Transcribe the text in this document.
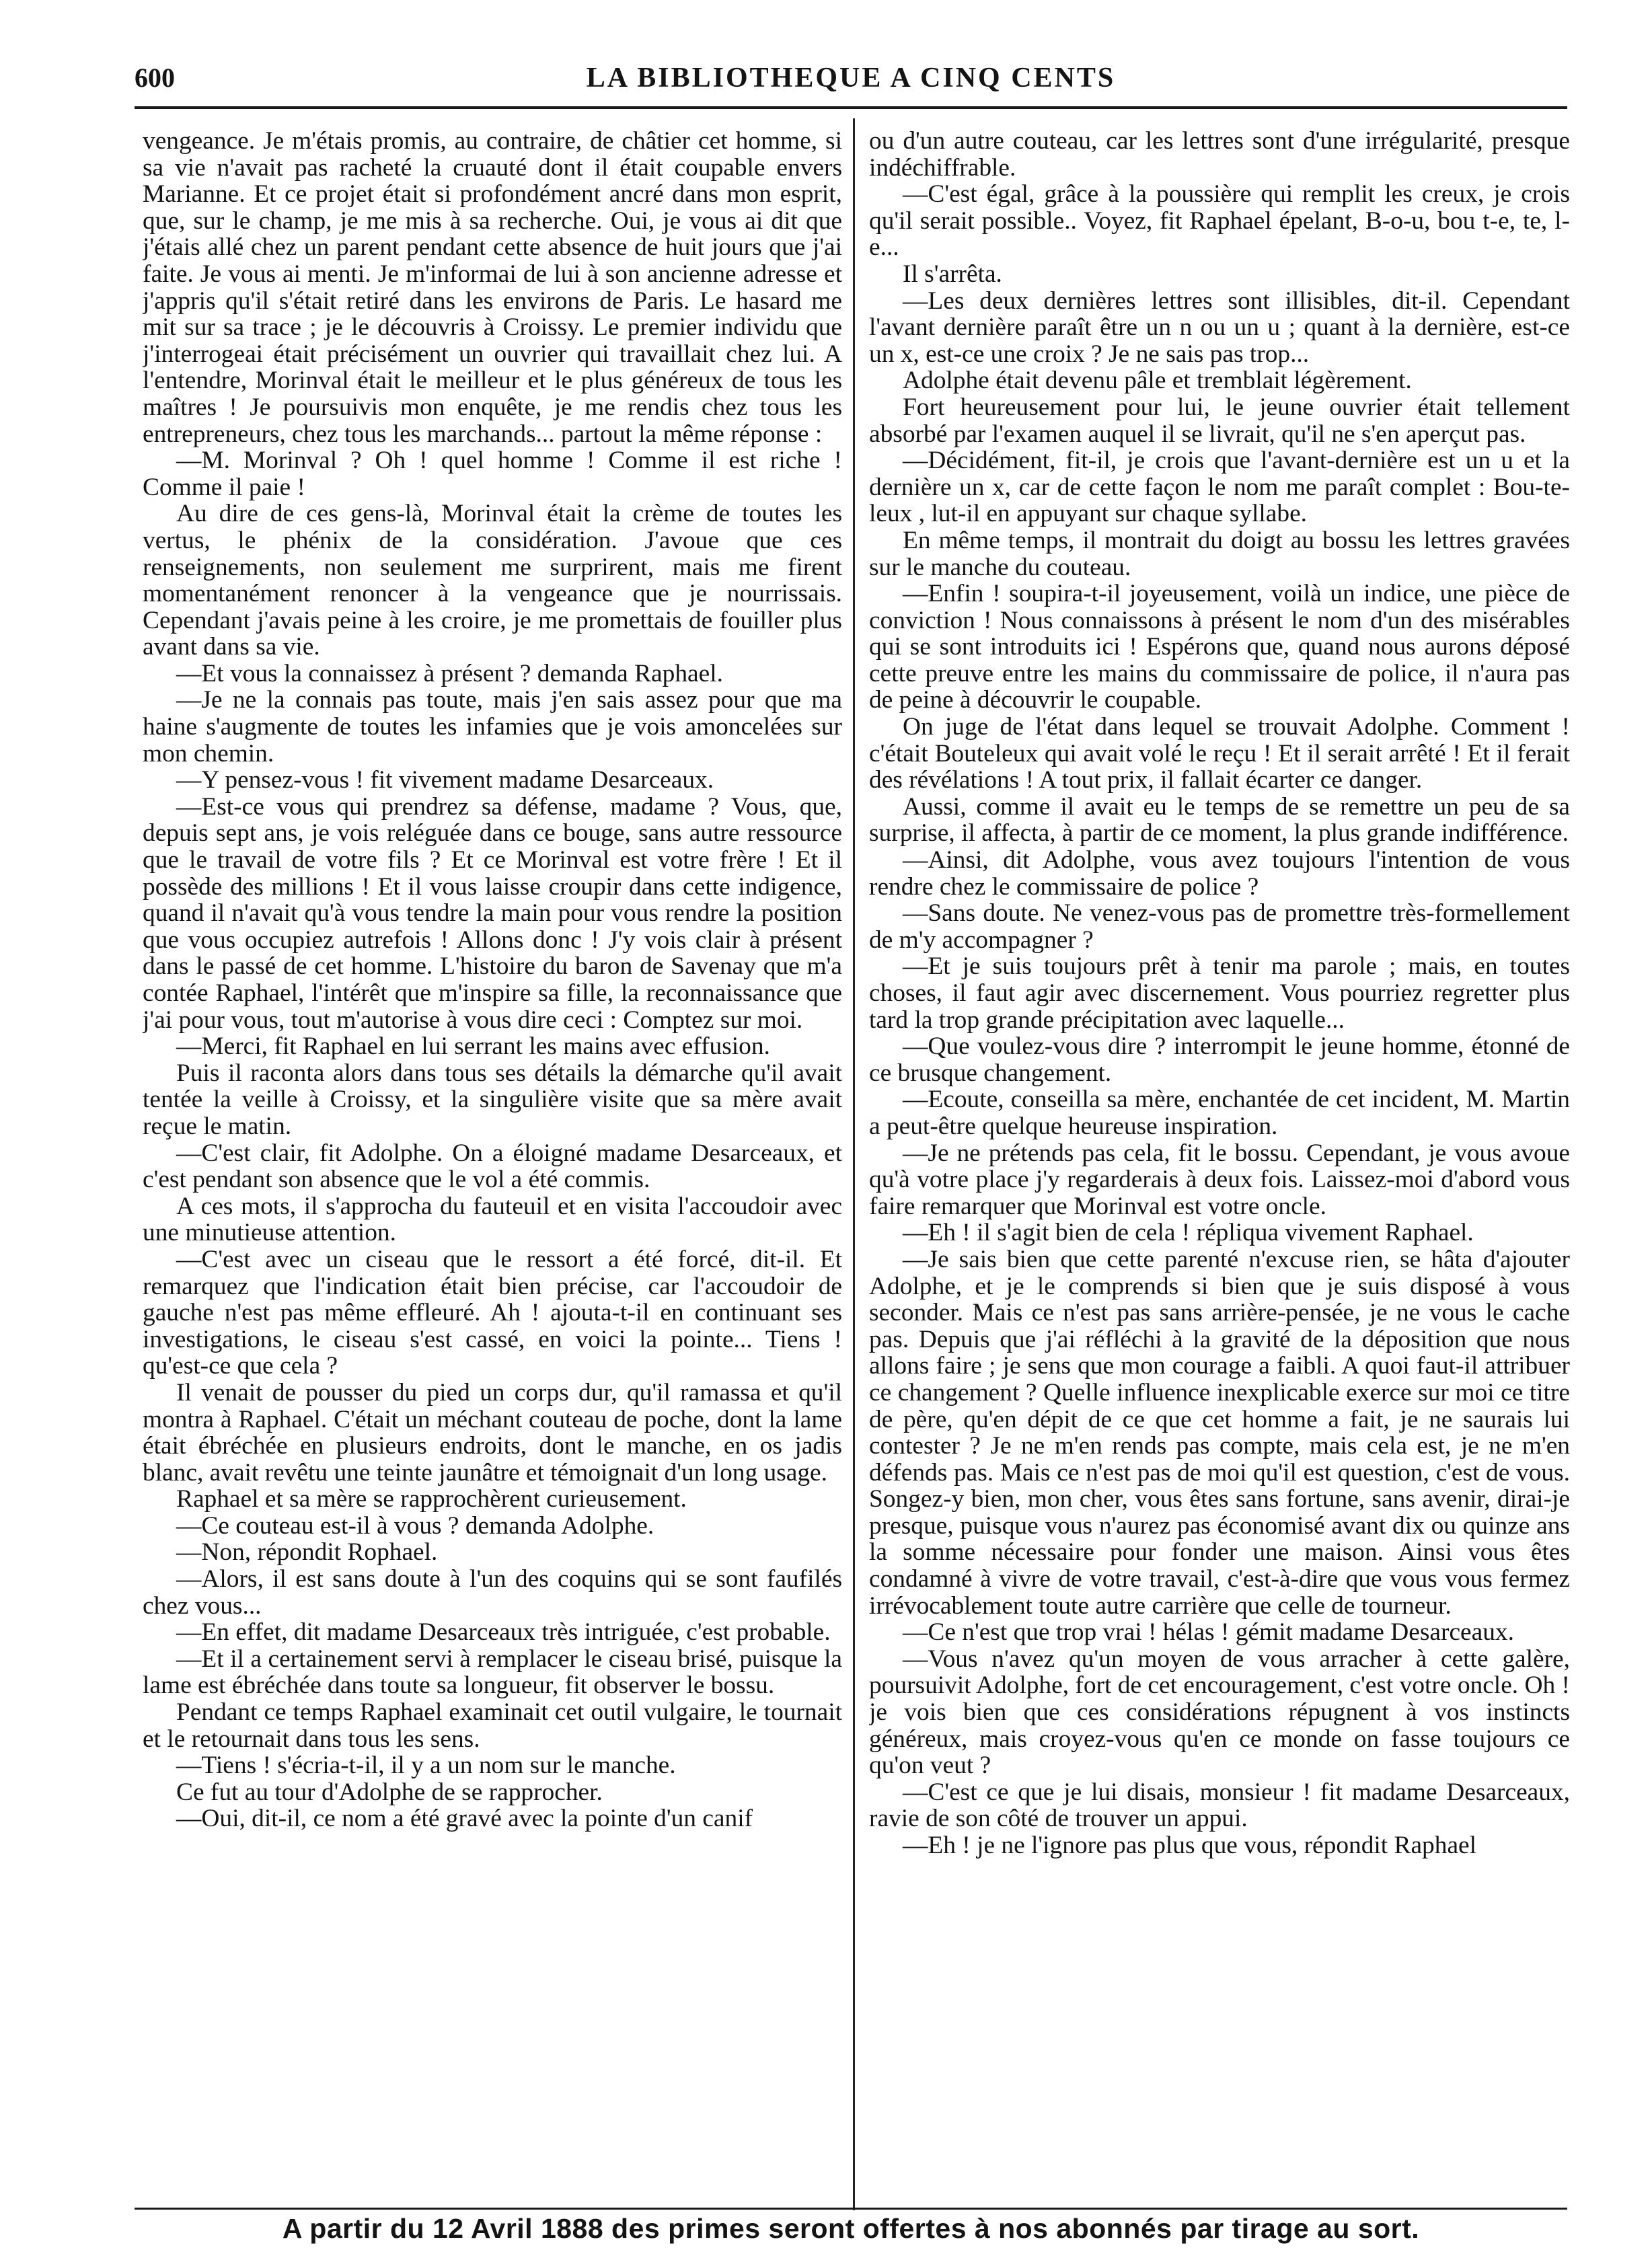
600	LA BIBLIOTHEQUE A CINQ CENTS

vengeance. Je m'étais promis, au contraire, de châtier cet homme, si sa vie n'avait pas racheté la cruauté dont il était coupable envers Marianne. Et ce projet était si profondément ancré dans mon esprit, que, sur le champ, je me mis à sa recherche. Oui, je vous ai dit que j'étais allé chez un parent pendant cette absence de huit jours que j'ai faite. Je vous ai menti. Je m'informai de lui à son ancienne adresse et j'appris qu'il s'était retiré dans les environs de Paris. Le hasard me mit sur sa trace ; je le découvris à Croissy. Le premier individu que j'interrogeai était précisément un ouvrier qui travaillait chez lui. A l'entendre, Morinval était le meilleur et le plus généreux de tous les maîtres ! Je poursuivis mon enquête, je me rendis chez tous les entrepreneurs, chez tous les marchands... partout la même réponse :

—M. Morinval ? Oh ! quel homme ! Comme il est riche ! Comme il paie !

Au dire de ces gens-là, Morinval était la crème de toutes les vertus, le phénix de la considération. J'avoue que ces renseignements, non seulement me surprirent, mais me firent momentanément renoncer à la vengeance que je nourrissais. Cependant j'avais peine à les croire, je me promettais de fouiller plus avant dans sa vie.

—Et vous la connaissez à présent ? demanda Raphael.

—Je ne la connais pas toute, mais j'en sais assez pour que ma haine s'augmente de toutes les infamies que je vois amoncelées sur mon chemin.

—Y pensez-vous ! fit vivement madame Desarceaux.

—Est-ce vous qui prendrez sa défense, madame ? Vous, que, depuis sept ans, je vois reléguée dans ce bouge, sans autre ressource que le travail de votre fils ? Et ce Morinval est votre frère ! Et il possède des millions ! Et il vous laisse croupir dans cette indigence, quand il n'avait qu'à vous tendre la main pour vous rendre la position que vous occupiez autrefois ! Allons donc ! J'y vois clair à présent dans le passé de cet homme. L'histoire du baron de Savenay que m'a contée Raphael, l'intérêt que m'inspire sa fille, la reconnaissance que j'ai pour vous, tout m'autorise à vous dire ceci : Comptez sur moi.

—Merci, fit Raphael en lui serrant les mains avec effusion.

Puis il raconta alors dans tous ses détails la démarche qu'il avait tentée la veille à Croissy, et la singulière visite que sa mère avait reçue le matin.

—C'est clair, fit Adolphe. On a éloigné madame Desarceaux, et c'est pendant son absence que le vol a été commis.

A ces mots, il s'approcha du fauteuil et en visita l'accoudoir avec une minutieuse attention.

—C'est avec un ciseau que le ressort a été forcé, dit-il. Et remarquez que l'indication était bien précise, car l'accoudoir de gauche n'est pas même effleuré. Ah ! ajouta-t-il en continuant ses investigations, le ciseau s'est cassé, en voici la pointe... Tiens ! qu'est-ce que cela ?

Il venait de pousser du pied un corps dur, qu'il ramassa et qu'il montra à Raphael. C'était un méchant couteau de poche, dont la lame était ébréchée en plusieurs endroits, dont le manche, en os jadis blanc, avait revêtu une teinte jaunâtre et témoignait d'un long usage.

Raphael et sa mère se rapprochèrent curieusement.

—Ce couteau est-il à vous ? demanda Adolphe.

—Non, répondit Rophael.

—Alors, il est sans doute à l'un des coquins qui se sont faufilés chez vous...

—En effet, dit madame Desarceaux très intriguée, c'est probable.

—Et il a certainement servi à remplacer le ciseau brisé, puisque la lame est ébréchée dans toute sa longueur, fit observer le bossu.

Pendant ce temps Raphael examinait cet outil vulgaire, le tournait et le retournait dans tous les sens.

—Tiens ! s'écria-t-il, il y a un nom sur le manche.

Ce fut au tour d'Adolphe de se rapprocher.

—Oui, dit-il, ce nom a été gravé avec la pointe d'un canif

ou d'un autre couteau, car les lettres sont d'une irrégularité, presque indéchiffrable.

—C'est égal, grâce à la poussière qui remplit les creux, je crois qu'il serait possible.. Voyez, fit Raphael épelant, B-o-u, bou t-e, te, l-e...

Il s'arrêta.

—Les deux dernières lettres sont illisibles, dit-il. Cependant l'avant dernière paraît être un n ou un u ; quant à la dernière, est-ce un x, est-ce une croix ? Je ne sais pas trop...

Adolphe était devenu pâle et tremblait légèrement.

Fort heureusement pour lui, le jeune ouvrier était tellement absorbé par l'examen auquel il se livrait, qu'il ne s'en aperçut pas.

—Décidément, fit-il, je crois que l'avant-dernière est un u et la dernière un x, car de cette façon le nom me paraît complet : Bou-te-leux , lut-il en appuyant sur chaque syllabe.

En même temps, il montrait du doigt au bossu les lettres gravées sur le manche du couteau.

—Enfin ! soupira-t-il joyeusement, voilà un indice, une pièce de conviction ! Nous connaissons à présent le nom d'un des misérables qui se sont introduits ici ! Espérons que, quand nous aurons déposé cette preuve entre les mains du commissaire de police, il n'aura pas de peine à découvrir le coupable.

On juge de l'état dans lequel se trouvait Adolphe. Comment ! c'était Bouteleux qui avait volé le reçu ! Et il serait arrêté ! Et il ferait des révélations ! A tout prix, il fallait écarter ce danger.

Aussi, comme il avait eu le temps de se remettre un peu de sa surprise, il affecta, à partir de ce moment, la plus grande indifférence.

—Ainsi, dit Adolphe, vous avez toujours l'intention de vous rendre chez le commissaire de police ?

—Sans doute. Ne venez-vous pas de promettre très-formellement de m'y accompagner ?

—Et je suis toujours prêt à tenir ma parole ; mais, en toutes choses, il faut agir avec discernement. Vous pourriez regretter plus tard la trop grande précipitation avec laquelle...

—Que voulez-vous dire ? interrompit le jeune homme, étonné de ce brusque changement.

—Ecoute, conseilla sa mère, enchantée de cet incident, M. Martin a peut-être quelque heureuse inspiration.

—Je ne prétends pas cela, fit le bossu. Cependant, je vous avoue qu'à votre place j'y regarderais à deux fois. Laissez-moi d'abord vous faire remarquer que Morinval est votre oncle.

—Eh ! il s'agit bien de cela ! répliqua vivement Raphael.

—Je sais bien que cette parenté n'excuse rien, se hâta d'ajouter Adolphe, et je le comprends si bien que je suis disposé à vous seconder. Mais ce n'est pas sans arrière-pensée, je ne vous le cache pas. Depuis que j'ai réfléchi à la gravité de la déposition que nous allons faire ; je sens que mon courage a faibli. A quoi faut-il attribuer ce changement ? Quelle influence inexplicable exerce sur moi ce titre de père, qu'en dépit de ce que cet homme a fait, je ne saurais lui contester ? Je ne m'en rends pas compte, mais cela est, je ne m'en défends pas. Mais ce n'est pas de moi qu'il est question, c'est de vous. Songez-y bien, mon cher, vous êtes sans fortune, sans avenir, dirai-je presque, puisque vous n'aurez pas économisé avant dix ou quinze ans la somme nécessaire pour fonder une maison. Ainsi vous êtes condamné à vivre de votre travail, c'est-à-dire que vous vous fermez irrévocablement toute autre carrière que celle de tourneur.

—Ce n'est que trop vrai ! hélas ! gémit madame Desarceaux.

—Vous n'avez qu'un moyen de vous arracher à cette galère, poursuivit Adolphe, fort de cet encouragement, c'est votre oncle. Oh ! je vois bien que ces considérations répugnent à vos instincts généreux, mais croyez-vous qu'en ce monde on fasse toujours ce qu'on veut ?

—C'est ce que je lui disais, monsieur ! fit madame Desarceaux, ravie de son côté de trouver un appui.

—Eh ! je ne l'ignore pas plus que vous, répondit Raphael

A partir du 12 Avril 1888 des primes seront offertes à nos abonnés par tirage au sort.
